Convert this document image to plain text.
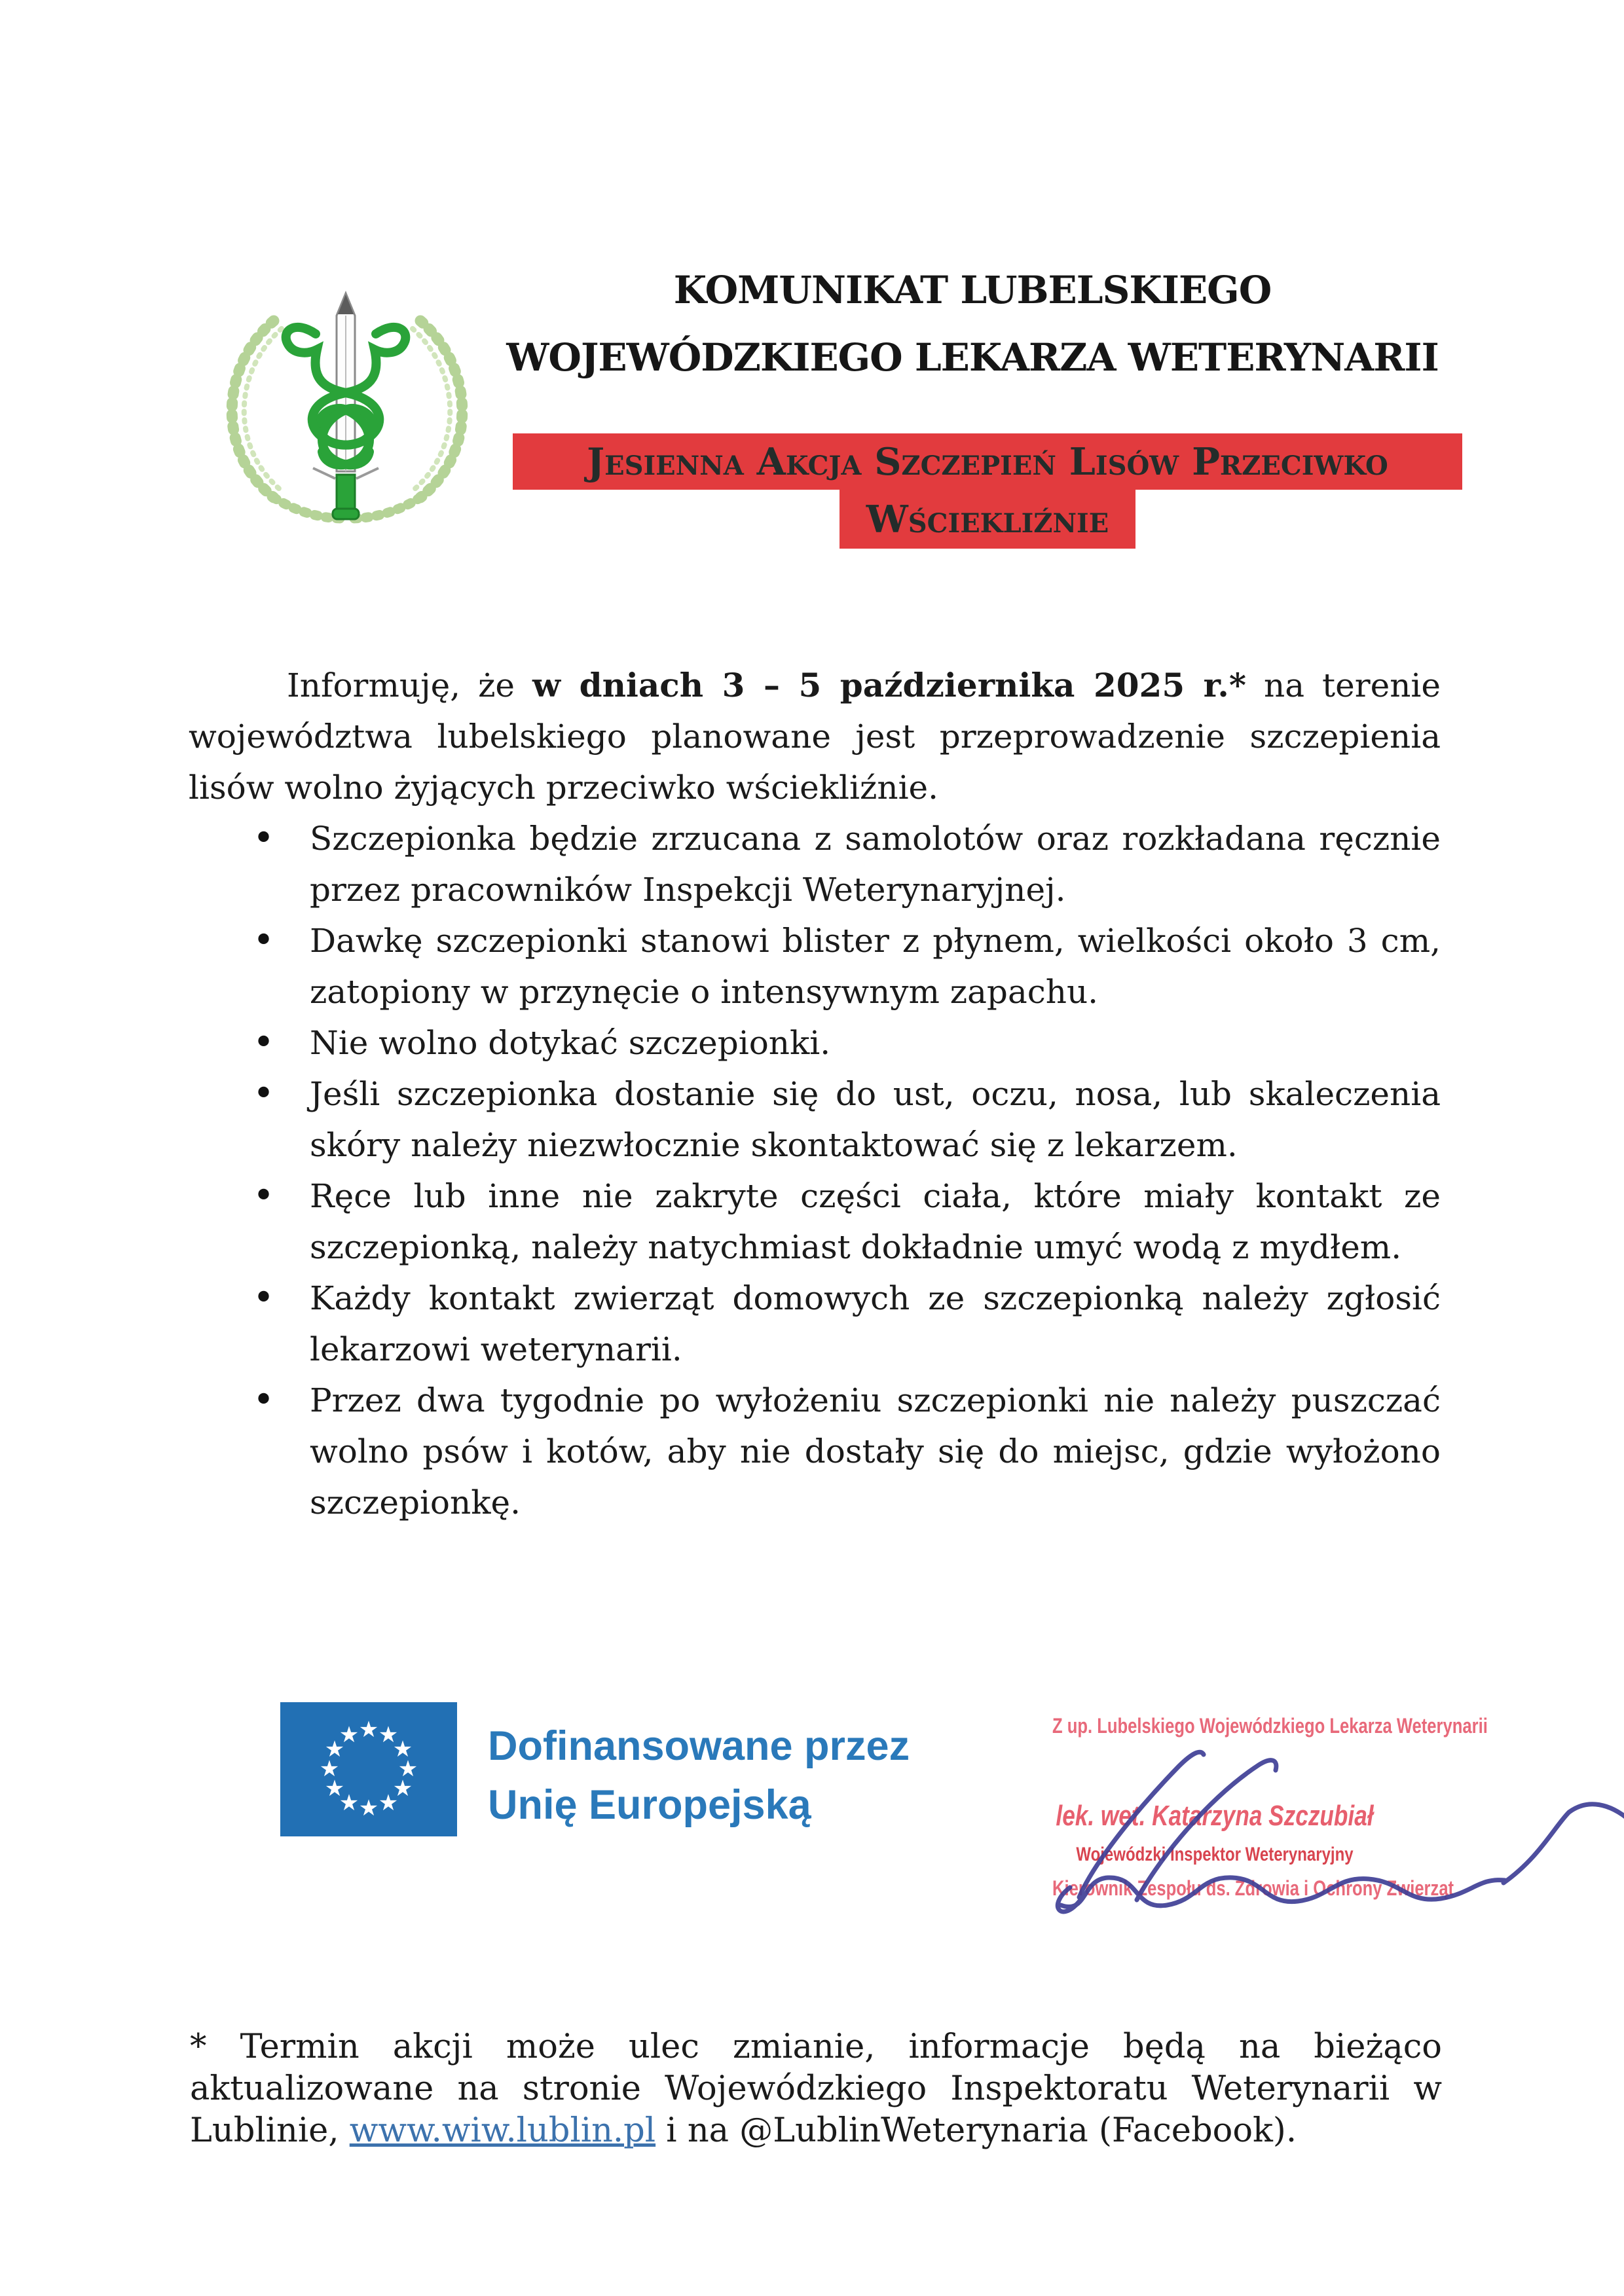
KOMUNIKAT LUBELSKIEGO
WOJEWÓDZKIEGO LEKARZA WETERYNARII
Jesienna Akcja Szczepień Lisów Przeciwko
Wściekliźnie

Informuję, że w dniach 3 – 5 października 2025 r.* na terenie województwa lubelskiego planowane jest przeprowadzenie szczepienia lisów wolno żyjących przeciwko wściekliźnie.

• Szczepionka będzie zrzucana z samolotów oraz rozkładana ręcznie przez pracowników Inspekcji Weterynaryjnej.
• Dawkę szczepionki stanowi blister z płynem, wielkości około 3 cm, zatopiony w przynęcie o intensywnym zapachu.
• Nie wolno dotykać szczepionki.
• Jeśli szczepionka dostanie się do ust, oczu, nosa, lub skaleczenia skóry należy niezwłocznie skontaktować się z lekarzem.
• Ręce lub inne nie zakryte części ciała, które miały kontakt ze szczepionką, należy natychmiast dokładnie umyć wodą z mydłem.
• Każdy kontakt zwierząt domowych ze szczepionką należy zgłosić lekarzowi weterynarii.
• Przez dwa tygodnie po wyłożeniu szczepionki nie należy puszczać wolno psów i kotów, aby nie dostały się do miejsc, gdzie wyłożono szczepionkę.
★ ★
★
★
★
★
★
★
★
★
★
★	Dofinansowane przez
Unię Europejską
Z up. Lubelskiego Wojewódzkiego Lekarza Weterynarii
lek. wet. Katarzyna Szczubiał
Wojewódzki Inspektor Weterynaryjny
Kierownik Zespołu ds. Zdrowia i Ochrony Zwierząt
* Termin akcji może ulec zmianie, informacje będą na bieżąco aktualizowane na stronie Wojewódzkiego Inspektoratu Weterynarii w Lublinie, www.wiw.lublin.pl i na @LublinWeterynaria (Facebook).
